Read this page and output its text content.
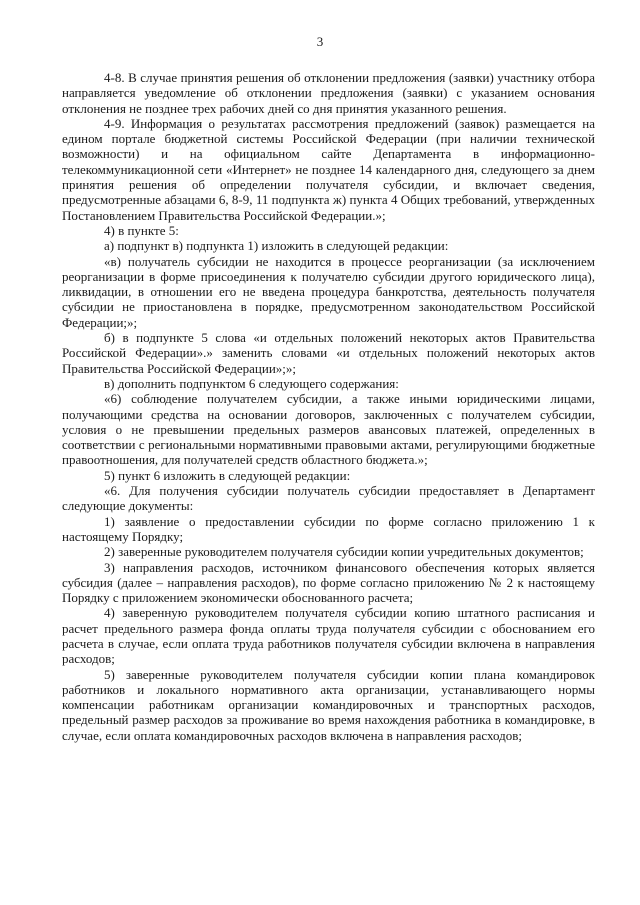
3

4-8. В случае принятия решения об отклонении предложения (заявки) участнику отбора направляется уведомление об отклонении предложения (заявки) с указанием основания отклонения не позднее трех рабочих дней со дня принятия указанного решения.

4-9. Информация о результатах рассмотрения предложений (заявок) размещается на едином портале бюджетной системы Российской Федерации (при наличии технической возможности) и на официальном сайте Департамента в информационно-телекоммуникационной сети «Интернет» не позднее 14 календарного дня, следующего за днем принятия решения об определении получателя субсидии, и включает сведения, предусмотренные абзацами 6, 8-9, 11 подпункта ж) пункта 4 Общих требований, утвержденных Постановлением Правительства Российской Федерации.»;

4) в пункте 5:

а) подпункт в) подпункта 1) изложить в следующей редакции:

«в) получатель субсидии не находится в процессе реорганизации (за исключением реорганизации в форме присоединения к получателю субсидии другого юридического лица), ликвидации, в отношении его не введена процедура банкротства, деятельность получателя субсидии не приостановлена в порядке, предусмотренном законодательством Российской Федерации;»;

б) в подпункте 5 слова «и отдельных положений некоторых актов Правительства Российской Федерации».» заменить словами «и отдельных положений некоторых актов Правительства Российской Федерации»;»;

в) дополнить подпунктом 6 следующего содержания:

«6) соблюдение получателем субсидии, а также иными юридическими лицами, получающими средства на основании договоров, заключенных с получателем субсидии, условия о не превышении предельных размеров авансовых платежей, определенных в соответствии с региональными нормативными правовыми актами, регулирующими бюджетные правоотношения, для получателей средств областного бюджета.»;

5) пункт 6 изложить в следующей редакции:

«6. Для получения субсидии получатель субсидии предоставляет в Департамент следующие документы:

1) заявление о предоставлении субсидии по форме согласно приложению 1 к настоящему Порядку;

2) заверенные руководителем получателя субсидии копии учредительных документов;

3) направления расходов, источником финансового обеспечения которых является субсидия (далее – направления расходов), по форме согласно приложению № 2 к настоящему Порядку с приложением экономически обоснованного расчета;

4) заверенную руководителем получателя субсидии копию штатного расписания и расчет предельного размера фонда оплаты труда получателя субсидии с обоснованием его расчета в случае, если оплата труда работников получателя субсидии включена в направления расходов;

5) заверенные руководителем получателя субсидии копии плана командировок работников и локального нормативного акта организации, устанавливающего нормы компенсации работникам организации командировочных и транспортных расходов, предельный размер расходов за проживание во время нахождения работника в командировке, в случае, если оплата командировочных расходов включена в направления расходов;
